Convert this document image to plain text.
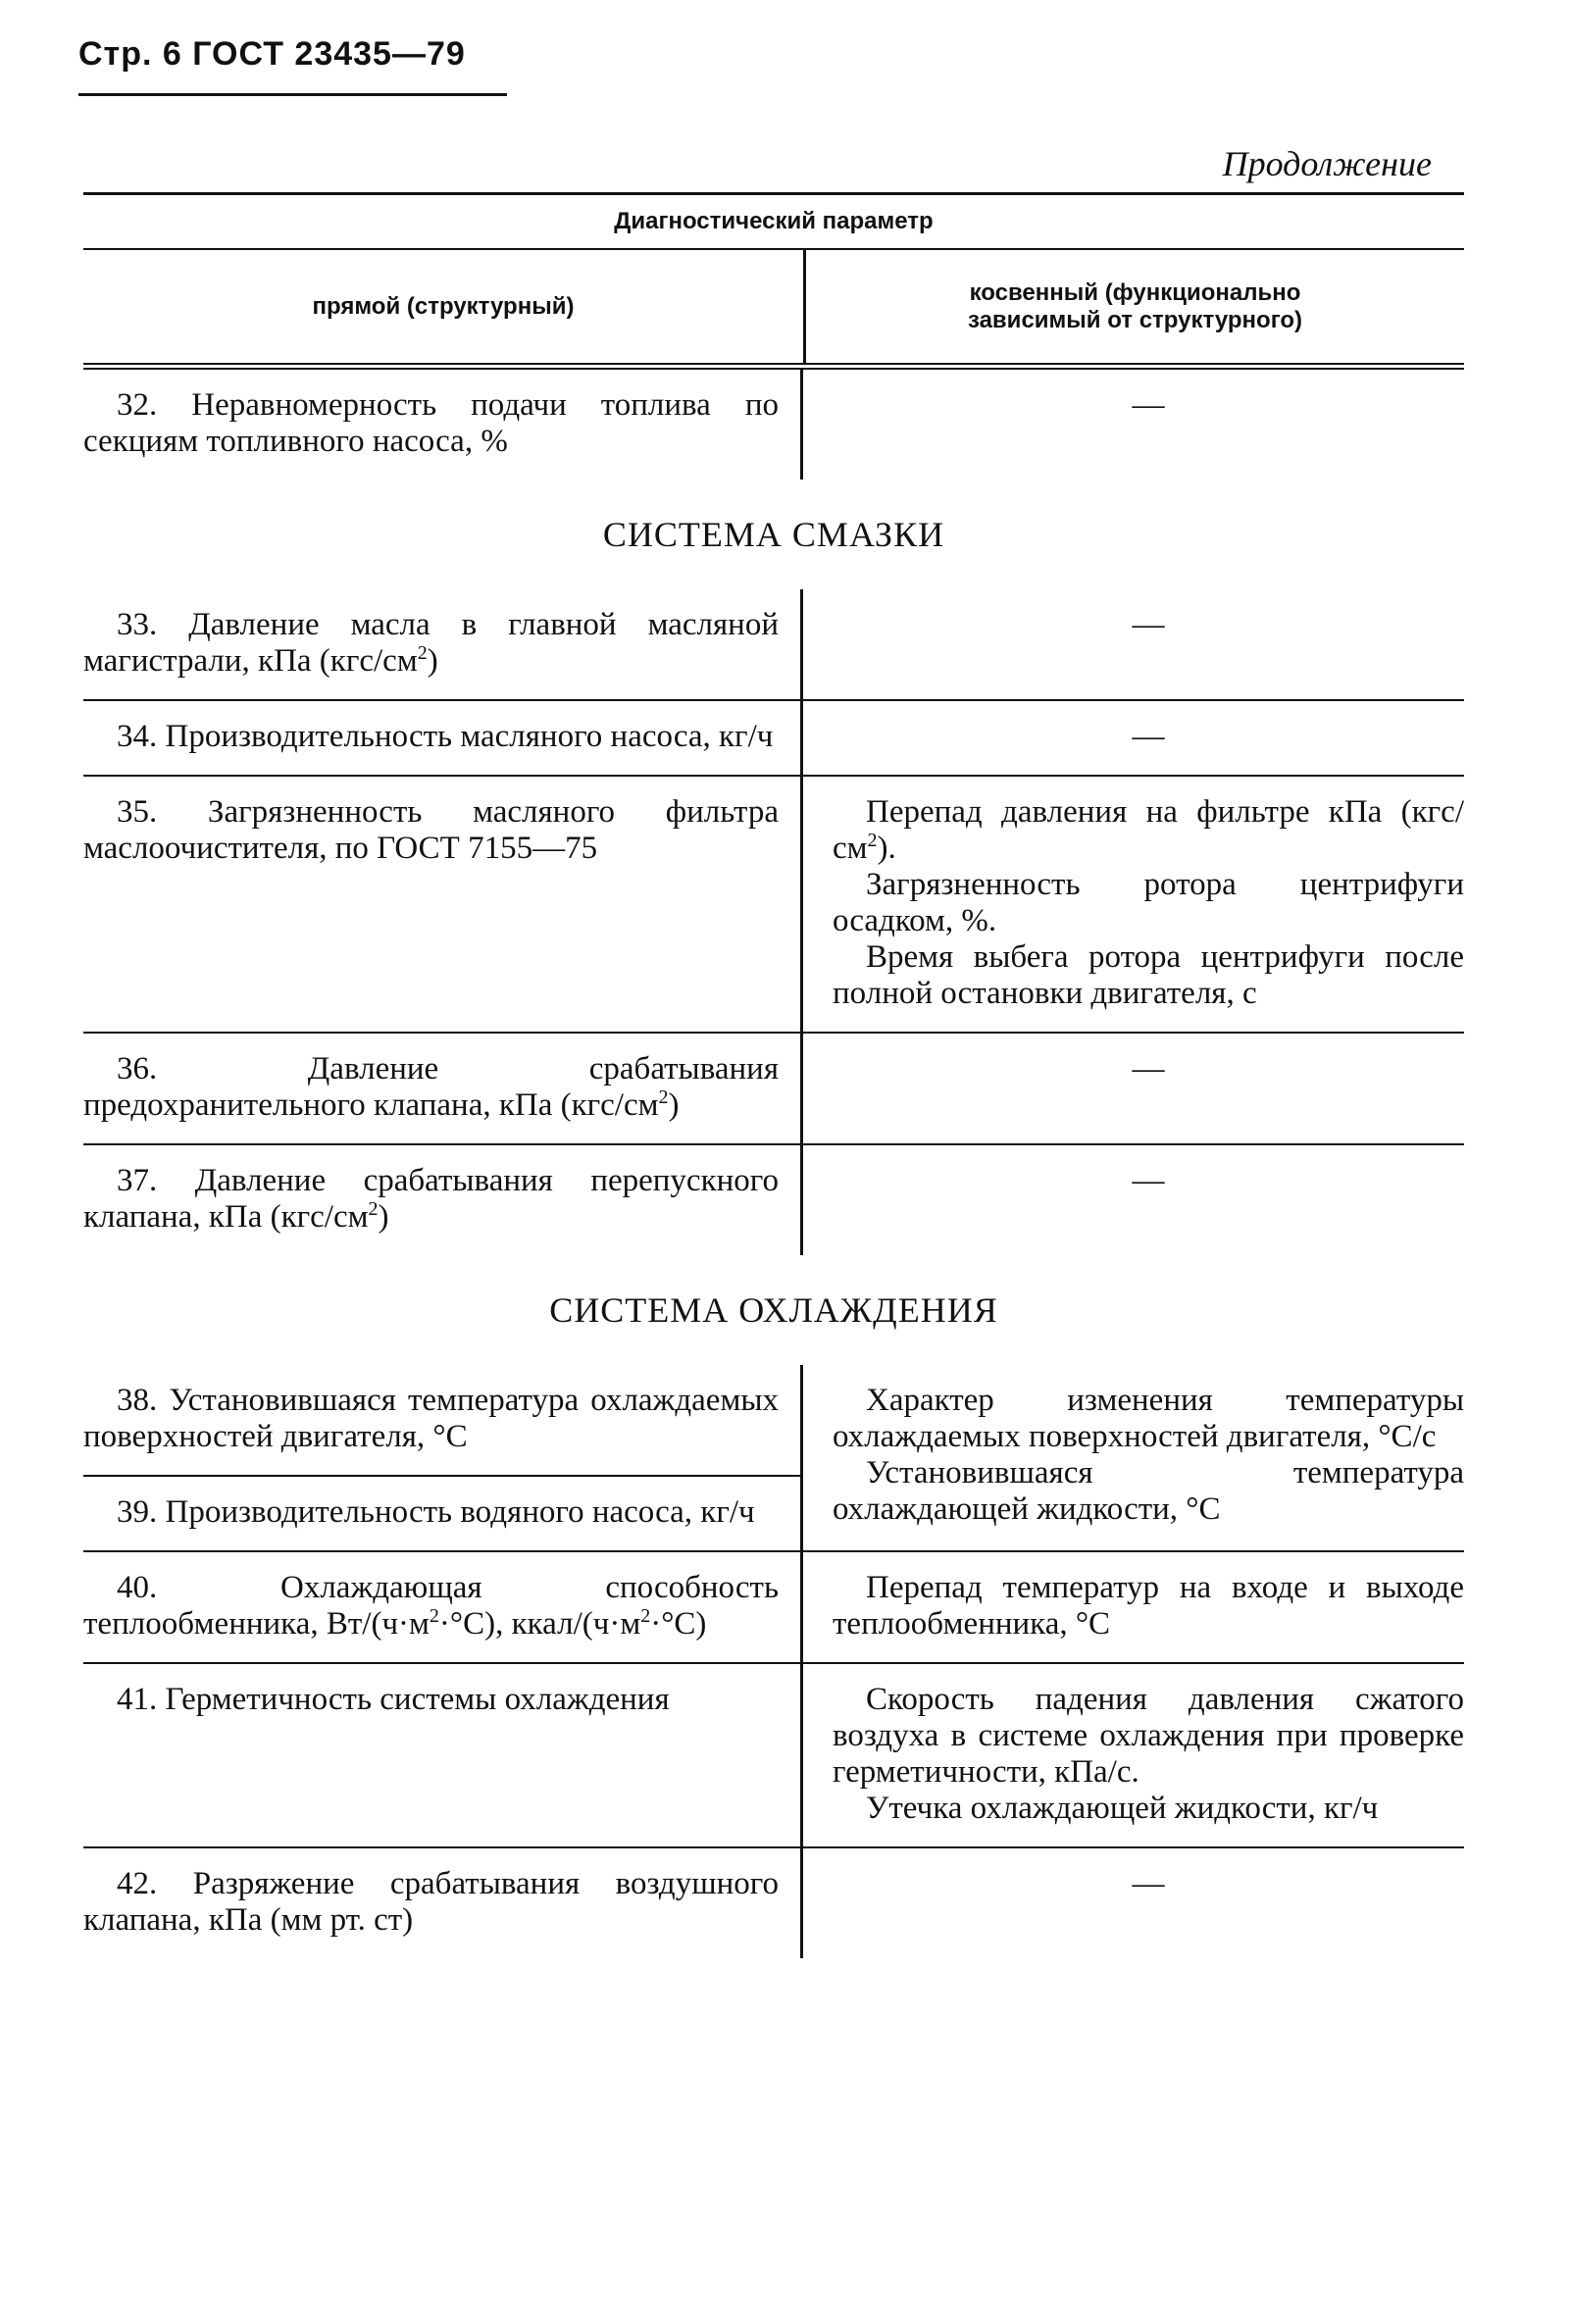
Стр. 6 ГОСТ 23435—79
Продолжение
Диагностический параметр
прямой (структурный)
косвенный (функционально
зависимый от структурного)
32. Неравномерность подачи топлива по секциям топливного насоса, %
—
СИСТЕМА СМАЗКИ
33. Давление масла в главной масляной магистрали, кПа $(кгс/см^2)$
—
34. Производительность масляного насоса, кг/ч	—
35. Загрязненность масляного фильтра маслоочистителя, по ГОСТ 7155—75
Перепад давления на фильтре кПа $(кгс/см^2)$.
Загрязненность ротора центрифуги осадком, %.
Время выбега ротора центрифуги после полной остановки двигателя, с
36. Давление срабатывания предохранительного клапана, кПа $(кгс/см^2)$
—
37. Давление срабатывания перепускного клапана, кПа $(кгс/см^2)$
—
СИСТЕМА ОХЛАЖДЕНИЯ
38. Установившаяся температура охлаждаемых поверхностей двигателя, °С
39. Производительность водяного насоса, кг/ч
Характер изменения температуры охлаждаемых поверхностей двигателя, °С/с
Установившаяся температура охлаждающей жидкости, °С
40. Охлаждающая способность теплообменника, $Вт/(ч\cdot м^2\cdot^\circ С)$, ккал/$(ч\cdot м^2\cdot^\circ С)$
Перепад температур на входе и выходе теплообменника, °С
41. Герметичность системы охлаждения	Скорость падения давления сжатого воздуха в системе охлаждения при проверке герметичности, кПа/с.
Утечка охлаждающей жидкости, кг/ч
42. Разряжение срабатывания воздушного клапана, кПа (мм рт. ст)
—
